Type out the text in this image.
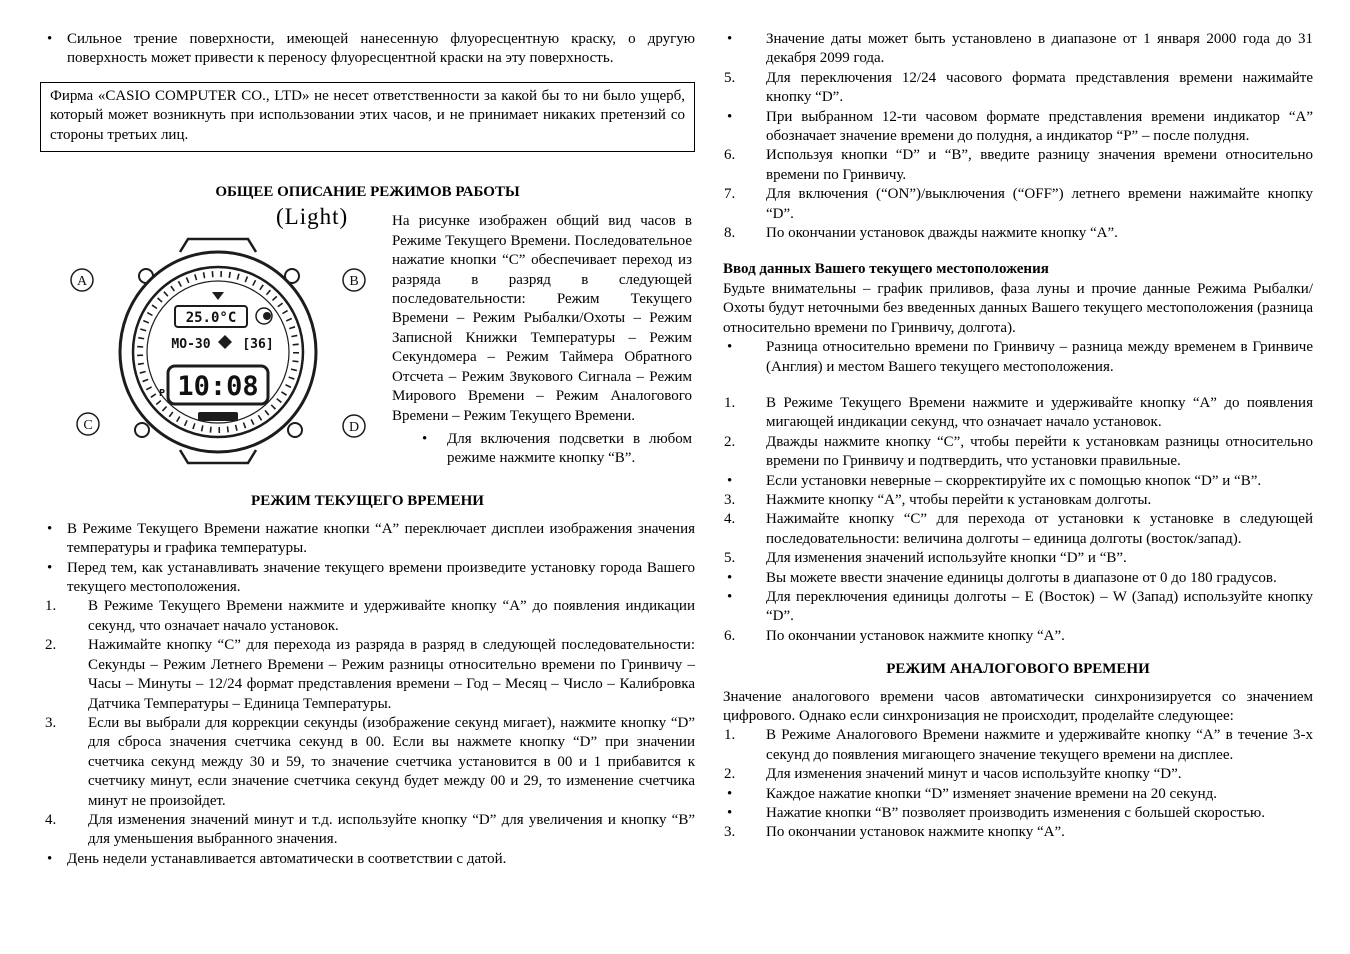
• Сильное трение поверхности, имеющей нанесенную флуоресцентную краску, о другую поверхность может привести к переносу флуоресцентной краски на эту поверхность.
Фирма «CASIO COMPUTER CO., LTD» не несет ответственности за какой бы то ни было ущерб, который может возникнуть при использовании этих часов, и не принимает никаких претензий со стороны третьих лиц.
ОБЩЕЕ ОПИСАНИЕ РЕЖИМОВ РАБОТЫ
(Light)
25.0°C
MO-30 [36]
P 10:08
A	B
C	D
На рисунке изображен общий вид часов в Режиме Текущего Времени. Последовательное нажатие кнопки “С” обеспечивает переход из разряда в разряд в следующей последовательности: Режим Текущего Времени – Режим Рыбалки/Охоты – Режим Записной Книжки Температуры – Режим Секундомера – Режим Таймера Обратного Отсчета – Режим Звукового Сигнала – Режим Мирового Времени – Режим Аналогового Времени – Режим Текущего Времени.
•	Для включения подсветки в любом режиме нажмите кнопку “В”.
РЕЖИМ ТЕКУЩЕГО ВРЕМЕНИ
• В Режиме Текущего Времени нажатие кнопки “А” переключает дисплеи изображения значения температуры и графика температуры.
• Перед тем, как устанавливать значение текущего времени произведите установку города Вашего текущего местоположения.
1.	В Режиме Текущего Времени нажмите и удерживайте кнопку “А” до появления индикации секунд, что означает начало установок.
2.	Нажимайте кнопку “С” для перехода из разряда в разряд в следующей последовательности: Секунды – Режим Летнего Времени – Режим разницы относительно времени по Гринвичу – Часы – Минуты – 12/24 формат представления времени – Год – Месяц – Число – Калибровка Датчика Температуры – Единица Температуры.
3.	Если вы выбрали для коррекции секунды (изображение секунд мигает), нажмите кнопку “D” для сброса значения счетчика секунд в 00. Если вы нажмете кнопку “D” при значении счетчика секунд между 30 и 59, то значение счетчика установится в 00 и 1 прибавится к счетчику минут, если значение счетчика секунд будет между 00 и 29, то изменение счетчика минут не произойдет.
4.	Для изменения значений минут и т.д. используйте кнопку “D” для увеличения и кнопку “В” для уменьшения выбранного значения.
• День недели устанавливается автоматически в соответствии с датой.
•	Значение даты может быть установлено в диапазоне от 1 января 2000 года до 31 декабря 2099 года.
5.	Для переключения 12/24 часового формата представления времени нажимайте кнопку “D”.
•	При выбранном 12-ти часовом формате представления времени индикатор “А” обозначает значение времени до полудня, а индикатор “Р” – после полудня.
6.	Используя кнопки “D” и “В”, введите разницу значения времени относительно времени по Гринвичу.
7.	Для включения (“ON”)/выключения (“OFF”) летнего времени нажимайте кнопку “D”.
8.	По окончании установок дважды нажмите кнопку “А”.
Ввод данных Вашего текущего местоположения
Будьте внимательны – график приливов, фаза луны и прочие данные Режима Рыбалки/Охоты будут неточными без введенных данных Вашего текущего местоположения (разница относительно времени по Гринвичу, долгота).
•	Разница относительно времени по Гринвичу – разница между временем в Гринвиче (Англия) и местом Вашего текущего местоположения.
1.	В Режиме Текущего Времени нажмите и удерживайте кнопку “А” до появления мигающей индикации секунд, что означает начало установок.
2.	Дважды нажмите кнопку “С”, чтобы перейти к установкам разницы относительно времени по Гринвичу и подтвердить, что установки правильные.
•	Если установки неверные – скорректируйте их с помощью кнопок “D” и “В”.
3.	Нажмите кнопку “А”, чтобы перейти к установкам долготы.
4.	Нажимайте кнопку “С” для перехода от установки к установке в следующей последовательности: величина долготы – единица долготы (восток/запад).
5.	Для изменения значений используйте кнопки “D” и “В”.
•	Вы можете ввести значение единицы долготы в диапазоне от 0 до 180 градусов.
•	Для переключения единицы долготы – E (Восток) – W (Запад) используйте кнопку “D”.
6.	По окончании установок нажмите кнопку “А”.
РЕЖИМ АНАЛОГОВОГО ВРЕМЕНИ
Значение аналогового времени часов автоматически синхронизируется со значением цифрового. Однако если синхронизация не происходит, проделайте следующее:
1.	В Режиме Аналогового Времени нажмите и удерживайте кнопку “А” в течение 3-х секунд до появления мигающего значение текущего времени на дисплее.
2.	Для изменения значений минут и часов используйте кнопку “D”.
•	Каждое нажатие кнопки “D” изменяет значение времени на 20 секунд.
•	Нажатие кнопки “В” позволяет производить изменения с большей скоростью.
3.	По окончании установок нажмите кнопку “А”.
